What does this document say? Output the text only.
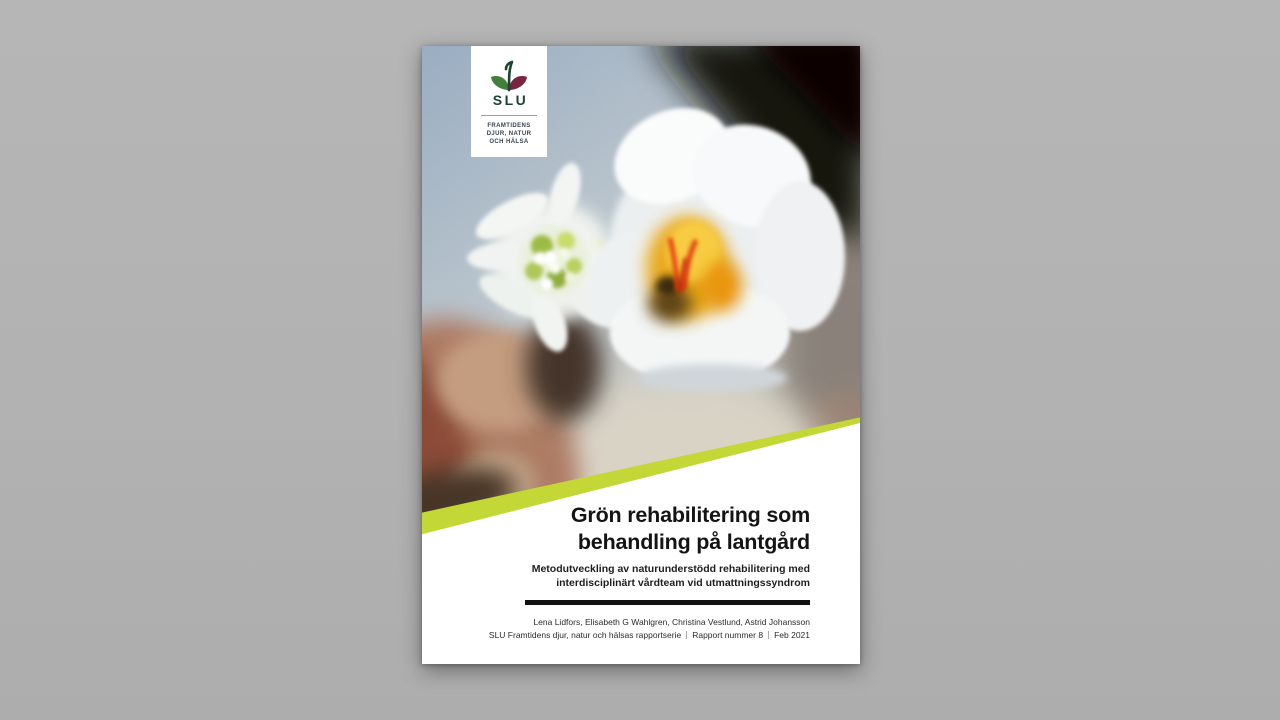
SLU
FRAMTIDENS
DJUR, NATUR
OCH HÄLSA
Grön rehabilitering som
behandling på lantgård

Metodutveckling av naturunderstödd rehabilitering med
interdisciplinärt vårdteam vid utmattningssyndrom

Lena Lidfors, Elisabeth G Wahlgren, Christina Vestlund, Astrid Johansson
SLU Framtidens djur, natur och hälsas rapportserie Rapport nummer 8 Feb 2021
